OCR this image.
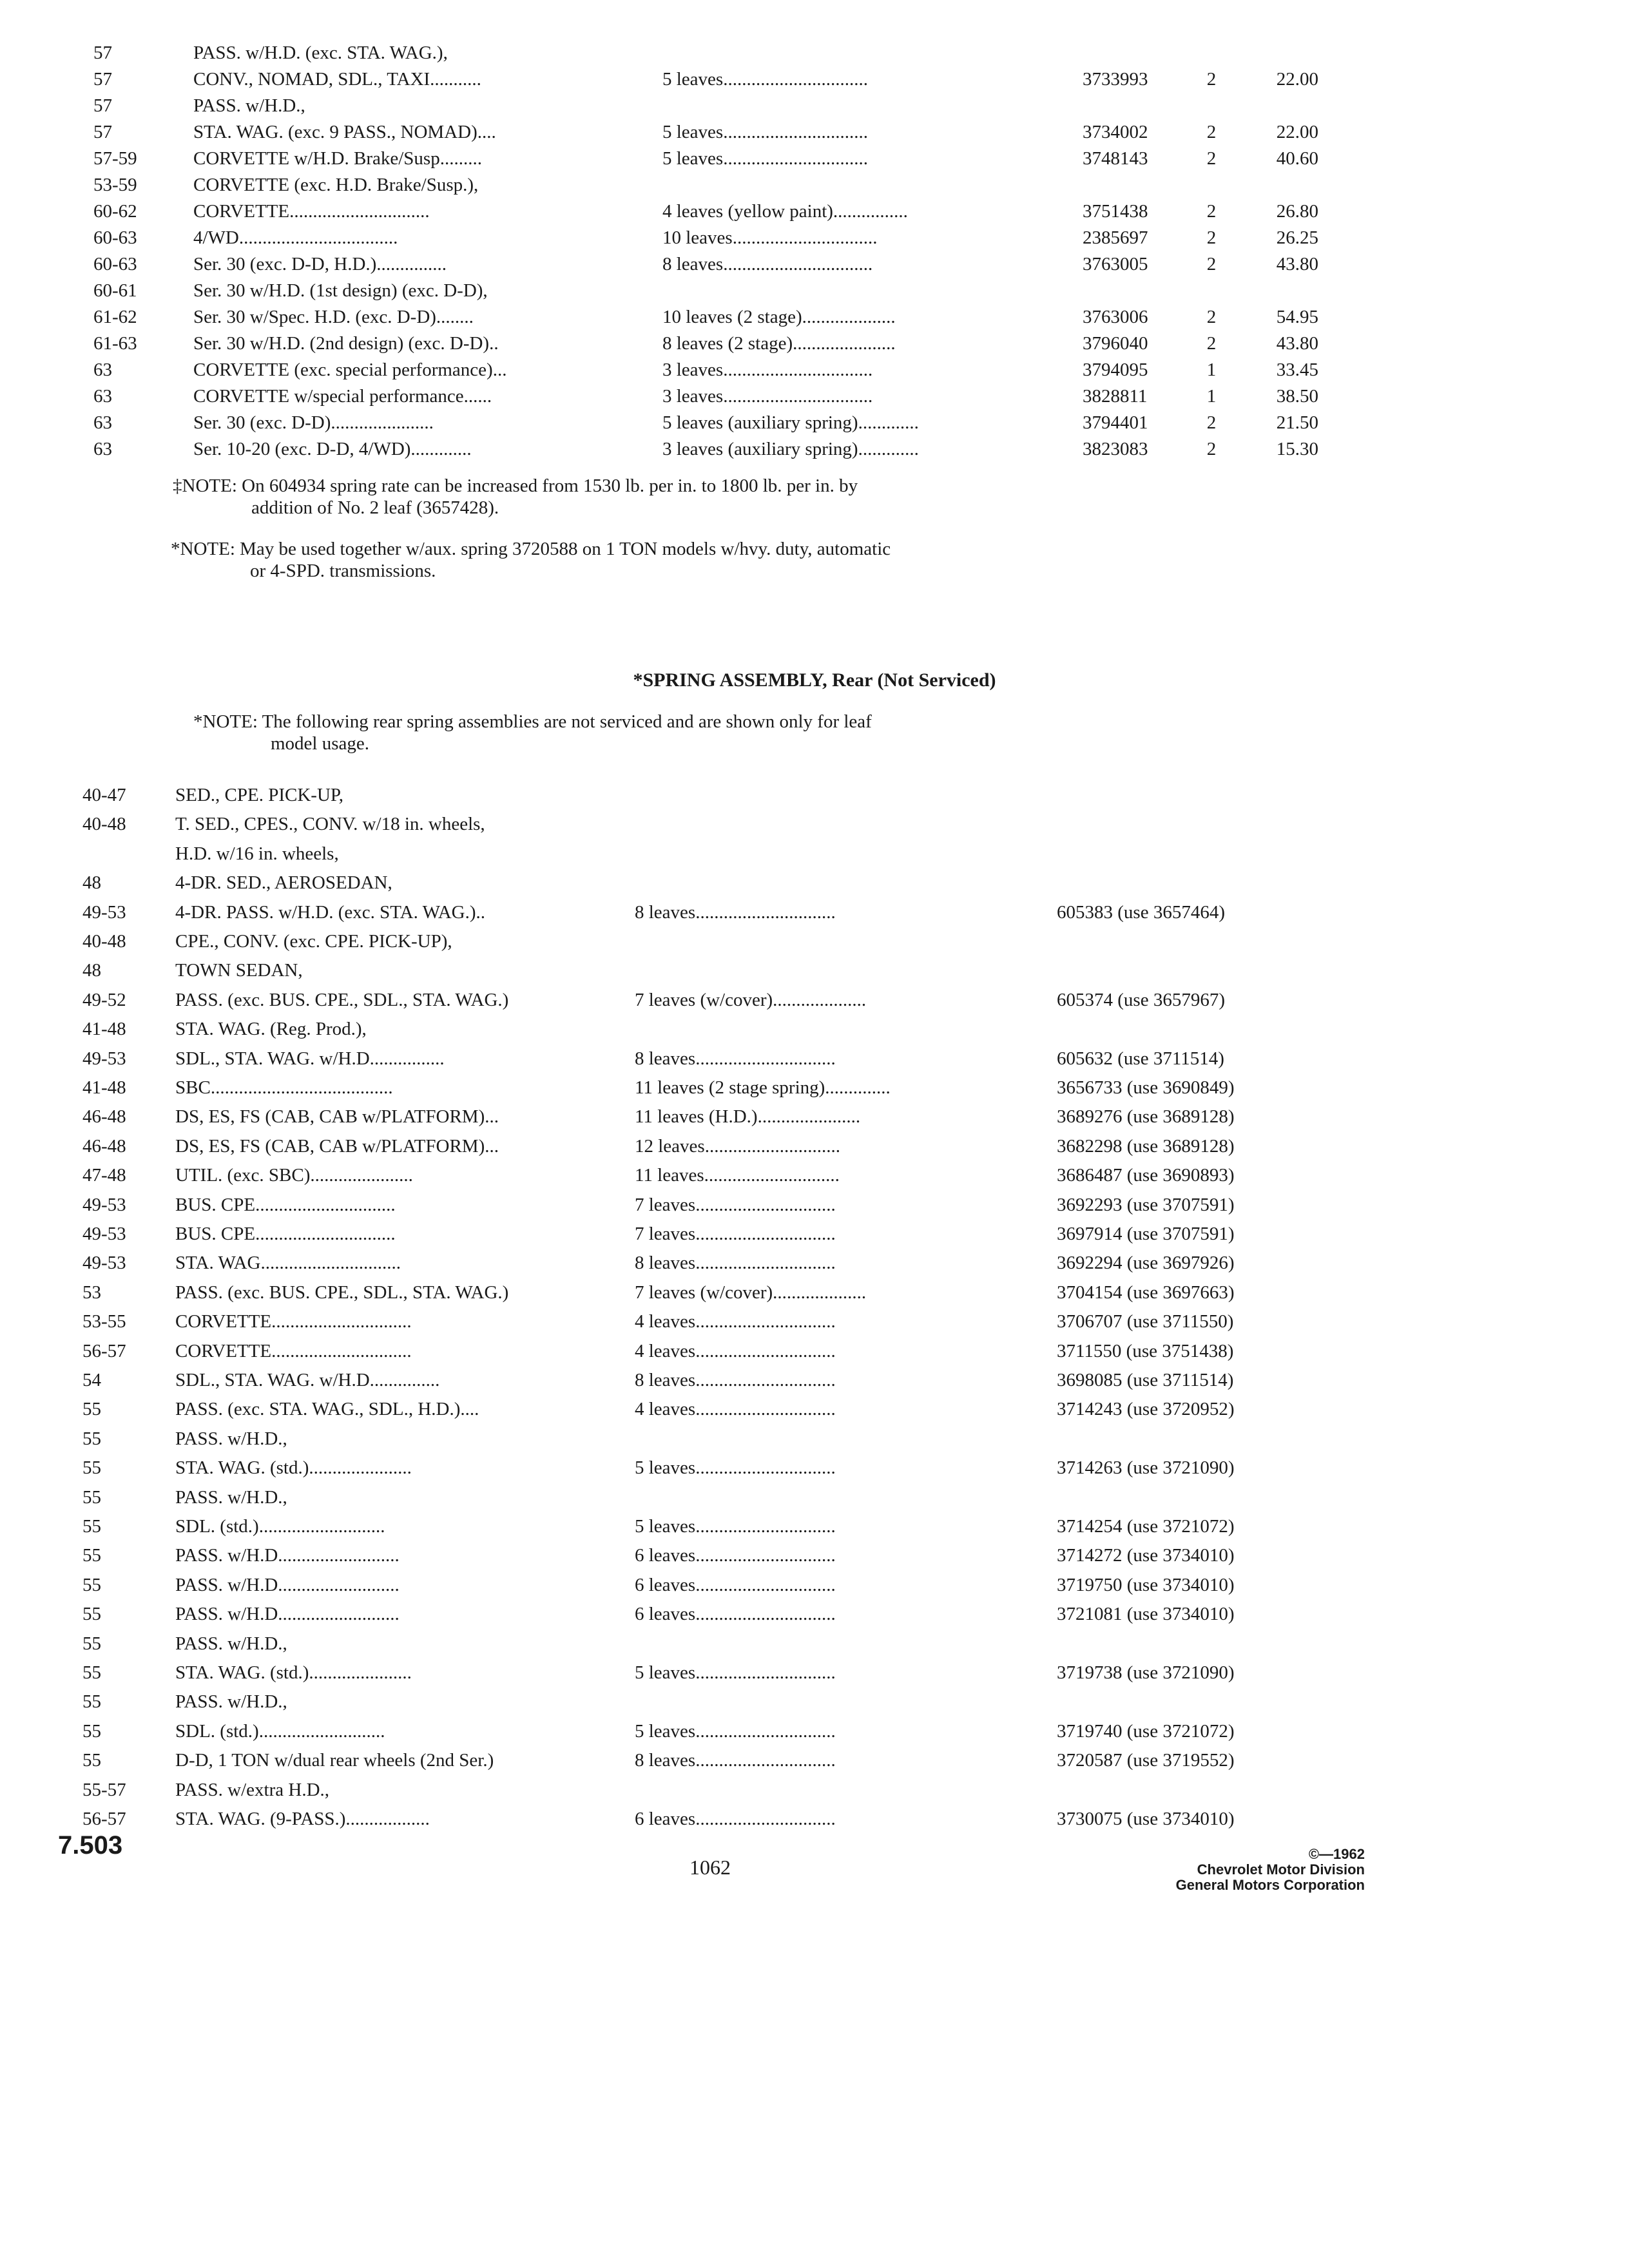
57	PASS. w/H.D. (exc. STA. WAG.),
57	CONV., NOMAD, SDL., TAXI...........	5 leaves...............................	3733993	2	22.00
57	PASS. w/H.D.,
57	STA. WAG. (exc. 9 PASS., NOMAD)....	5 leaves...............................	3734002	2	22.00
57-59	CORVETTE w/H.D. Brake/Susp.........	5 leaves...............................	3748143	2	40.60
53-59	CORVETTE (exc. H.D. Brake/Susp.),
60-62	CORVETTE..............................	4 leaves (yellow paint)................	3751438	2	26.80
60-63	4/WD..................................	10 leaves...............................	2385697	2	26.25
60-63	Ser. 30 (exc. D-D, H.D.)...............	8 leaves................................	3763005	2	43.80
60-61	Ser. 30 w/H.D. (1st design) (exc. D-D),
61-62	Ser. 30 w/Spec. H.D. (exc. D-D)........	10 leaves (2 stage)....................	3763006	2	54.95
61-63	Ser. 30 w/H.D. (2nd design) (exc. D-D)..	8 leaves (2 stage)......................	3796040	2	43.80
63	CORVETTE (exc. special performance)...	3 leaves................................	3794095	1	33.45
63	CORVETTE w/special performance......	3 leaves................................	3828811	1	38.50
63	Ser. 30 (exc. D-D)......................	5 leaves (auxiliary spring).............	3794401	2	21.50
63	Ser. 10-20 (exc. D-D, 4/WD).............	3 leaves (auxiliary spring).............	3823083	2	15.30
‡NOTE: On 604934 spring rate can be increased from 1530 lb. per in. to 1800 lb. per in. by
addition of No. 2 leaf (3657428).
*NOTE: May be used together w/aux. spring 3720588 on 1 TON models w/hvy. duty, automatic
or 4-SPD. transmissions.
*SPRING ASSEMBLY, Rear (Not Serviced)
*NOTE: The following rear spring assemblies are not serviced and are shown only for leaf
model usage.
40-47	SED., CPE. PICK-UP,
40-48	T. SED., CPES., CONV. w/18 in. wheels,
H.D. w/16 in. wheels,
48	4-DR. SED., AEROSEDAN,
49-53	4-DR. PASS. w/H.D. (exc. STA. WAG.)..	8 leaves..............................	605383 (use 3657464)
40-48	CPE., CONV. (exc. CPE. PICK-UP),
48	TOWN SEDAN,
49-52	PASS. (exc. BUS. CPE., SDL., STA. WAG.)	7 leaves (w/cover)....................	605374 (use 3657967)
41-48	STA. WAG. (Reg. Prod.),
49-53	SDL., STA. WAG. w/H.D................	8 leaves..............................	605632 (use 3711514)
41-48	SBC.......................................	11 leaves (2 stage spring)..............	3656733 (use 3690849)
46-48	DS, ES, FS (CAB, CAB w/PLATFORM)...	11 leaves (H.D.)......................	3689276 (use 3689128)
46-48	DS, ES, FS (CAB, CAB w/PLATFORM)...	12 leaves.............................	3682298 (use 3689128)
47-48	UTIL. (exc. SBC)......................	11 leaves.............................	3686487 (use 3690893)
49-53	BUS. CPE..............................	7 leaves..............................	3692293 (use 3707591)
49-53	BUS. CPE..............................	7 leaves..............................	3697914 (use 3707591)
49-53	STA. WAG..............................	8 leaves..............................	3692294 (use 3697926)
53	PASS. (exc. BUS. CPE., SDL., STA. WAG.)	7 leaves (w/cover)....................	3704154 (use 3697663)
53-55	CORVETTE..............................	4 leaves..............................	3706707 (use 3711550)
56-57	CORVETTE..............................	4 leaves..............................	3711550 (use 3751438)
54	SDL., STA. WAG. w/H.D...............	8 leaves..............................	3698085 (use 3711514)
55	PASS. (exc. STA. WAG., SDL., H.D.)....	4 leaves..............................	3714243 (use 3720952)
55	PASS. w/H.D.,
55	STA. WAG. (std.)......................	5 leaves..............................	3714263 (use 3721090)
55	PASS. w/H.D.,
55	SDL. (std.)...........................	5 leaves..............................	3714254 (use 3721072)
55	PASS. w/H.D..........................	6 leaves..............................	3714272 (use 3734010)
55	PASS. w/H.D..........................	6 leaves..............................	3719750 (use 3734010)
55	PASS. w/H.D..........................	6 leaves..............................	3721081 (use 3734010)
55	PASS. w/H.D.,
55	STA. WAG. (std.)......................	5 leaves..............................	3719738 (use 3721090)
55	PASS. w/H.D.,
55	SDL. (std.)...........................	5 leaves..............................	3719740 (use 3721072)
55	D-D, 1 TON w/dual rear wheels (2nd Ser.)	8 leaves..............................	3720587 (use 3719552)
55-57	PASS. w/extra H.D.,
56-57	STA. WAG. (9-PASS.)..................	6 leaves..............................	3730075 (use 3734010)
7.503
1062
©—1962
Chevrolet Motor Division
General Motors Corporation
